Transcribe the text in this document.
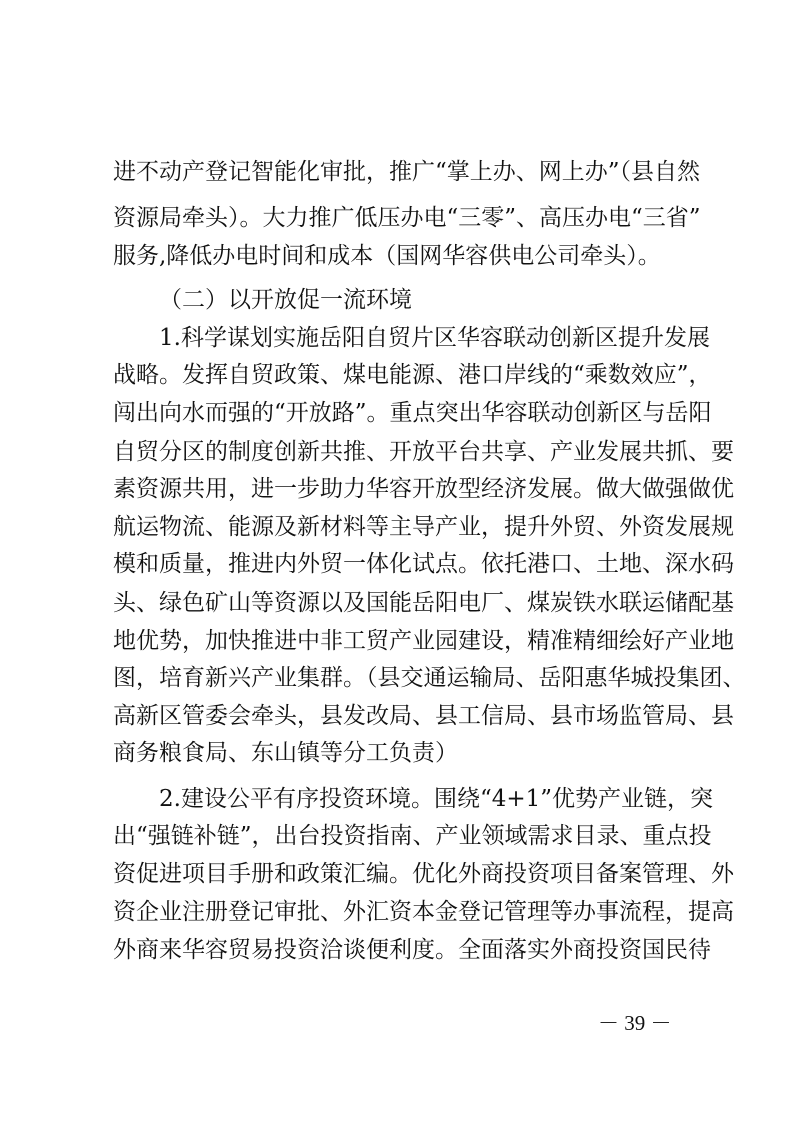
进不动产登记智能化审批，推广“掌上办、网上办”（县自然
资源局牵头）。大力推广低压办电“三零”、高压办电“三省”
服务,降低办电时间和成本（国网华容供电公司牵头）。
（二）以开放促一流环境
1.科学谋划实施岳阳自贸片区华容联动创新区提升发展
战略。发挥自贸政策、煤电能源、港口岸线的“乘数效应”，
闯出向水而强的“开放路”。重点突出华容联动创新区与岳阳
自贸分区的制度创新共推、开放平台共享、产业发展共抓、要
素资源共用，进一步助力华容开放型经济发展。做大做强做优
航运物流、能源及新材料等主导产业，提升外贸、外资发展规
模和质量，推进内外贸一体化试点。依托港口、土地、深水码
头、绿色矿山等资源以及国能岳阳电厂、煤炭铁水联运储配基
地优势，加快推进中非工贸产业园建设，精准精细绘好产业地
图，培育新兴产业集群。（县交通运输局、岳阳惠华城投集团、
高新区管委会牵头，县发改局、县工信局、县市场监管局、县
商务粮食局、东山镇等分工负责）
2.建设公平有序投资环境。围绕“4+1”优势产业链，突
出“强链补链”，出台投资指南、产业领域需求目录、重点投
资促进项目手册和政策汇编。优化外商投资项目备案管理、外
资企业注册登记审批、外汇资本金登记管理等办事流程，提高
外商来华容贸易投资洽谈便利度。全面落实外商投资国民待
－ 39 －
